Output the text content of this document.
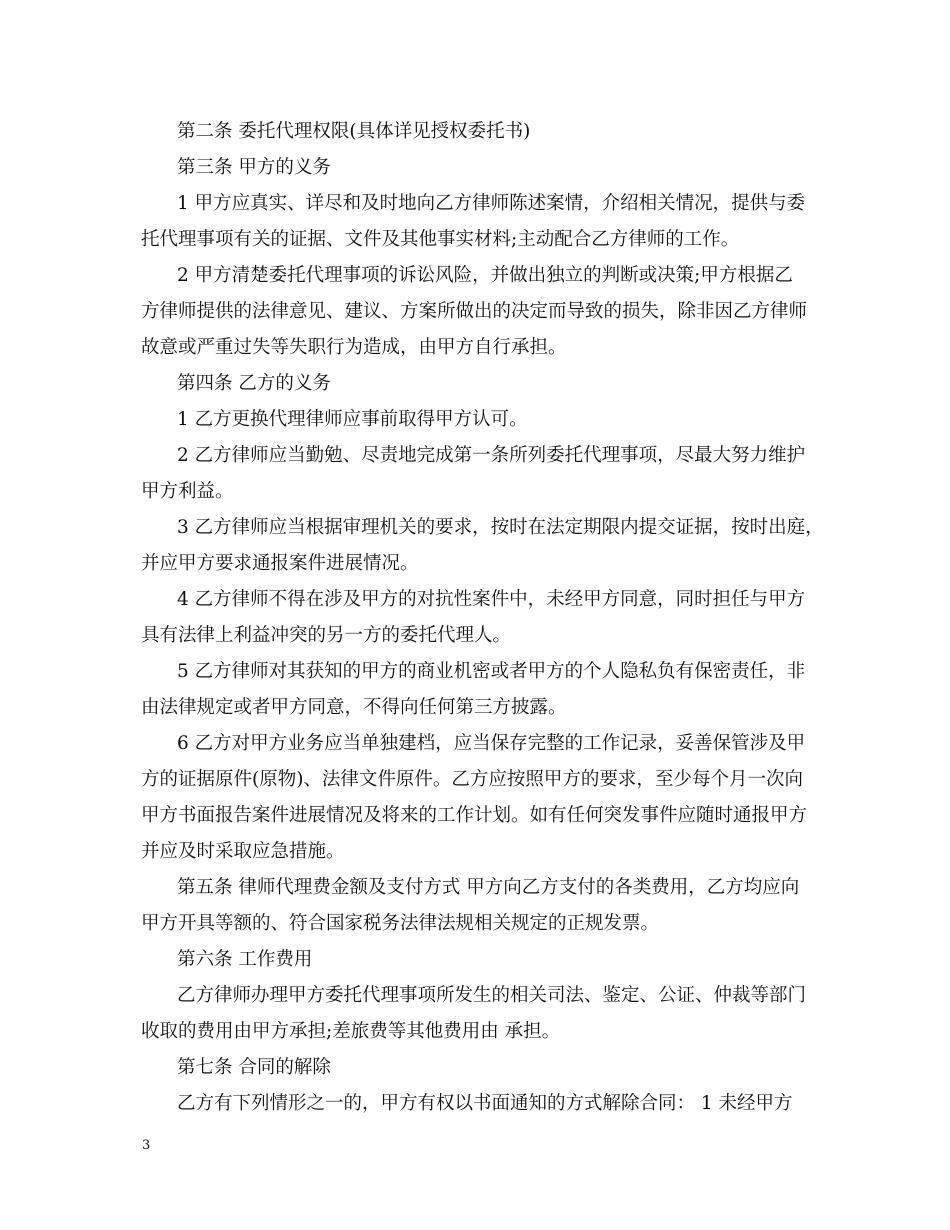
第二条 委托代理权限(具体详见授权委托书)
第三条 甲方的义务
1 甲方应真实、详尽和及时地向乙方律师陈述案情，介绍相关情况，提供与委
托代理事项有关的证据、文件及其他事实材料;主动配合乙方律师的工作。
2 甲方清楚委托代理事项的诉讼风险，并做出独立的判断或决策;甲方根据乙
方律师提供的法律意见、建议、方案所做出的决定而导致的损失，除非因乙方律师
故意或严重过失等失职行为造成，由甲方自行承担。
第四条 乙方的义务
1 乙方更换代理律师应事前取得甲方认可。
2 乙方律师应当勤勉、尽责地完成第一条所列委托代理事项，尽最大努力维护
甲方利益。
3 乙方律师应当根据审理机关的要求，按时在法定期限内提交证据，按时出庭，
并应甲方要求通报案件进展情况。
4 乙方律师不得在涉及甲方的对抗性案件中，未经甲方同意，同时担任与甲方
具有法律上利益冲突的另一方的委托代理人。
5 乙方律师对其获知的甲方的商业机密或者甲方的个人隐私负有保密责任，非
由法律规定或者甲方同意，不得向任何第三方披露。
6 乙方对甲方业务应当单独建档，应当保存完整的工作记录，妥善保管涉及甲
方的证据原件(原物)、法律文件原件。乙方应按照甲方的要求，至少每个月一次向
甲方书面报告案件进展情况及将来的工作计划。如有任何突发事件应随时通报甲方
并应及时采取应急措施。
第五条 律师代理费金额及支付方式 甲方向乙方支付的各类费用，乙方均应向
甲方开具等额的、符合国家税务法律法规相关规定的正规发票。
第六条 工作费用
乙方律师办理甲方委托代理事项所发生的相关司法、鉴定、公证、仲裁等部门
收取的费用由甲方承担;差旅费等其他费用由 承担。
第七条 合同的解除
乙方有下列情形之一的，甲方有权以书面通知的方式解除合同： 1 未经甲方
3
